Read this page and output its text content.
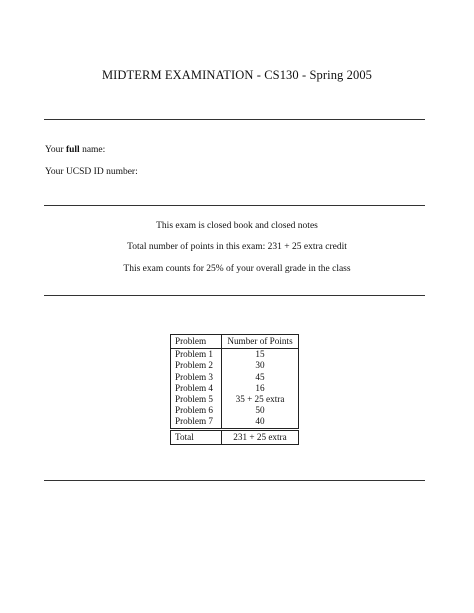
MIDTERM EXAMINATION - CS130 - Spring 2005
Your full name:
Your UCSD ID number:
This exam is closed book and closed notes
Total number of points in this exam: 231 + 25 extra credit
This exam counts for 25% of your overall grade in the class
Problem	Number of Points
Problem 1	15
Problem 2	30
Problem 3	45
Problem 4	16
Problem 5	35 + 25 extra
Problem 6	50
Problem 7	40
Total	231 + 25 extra
